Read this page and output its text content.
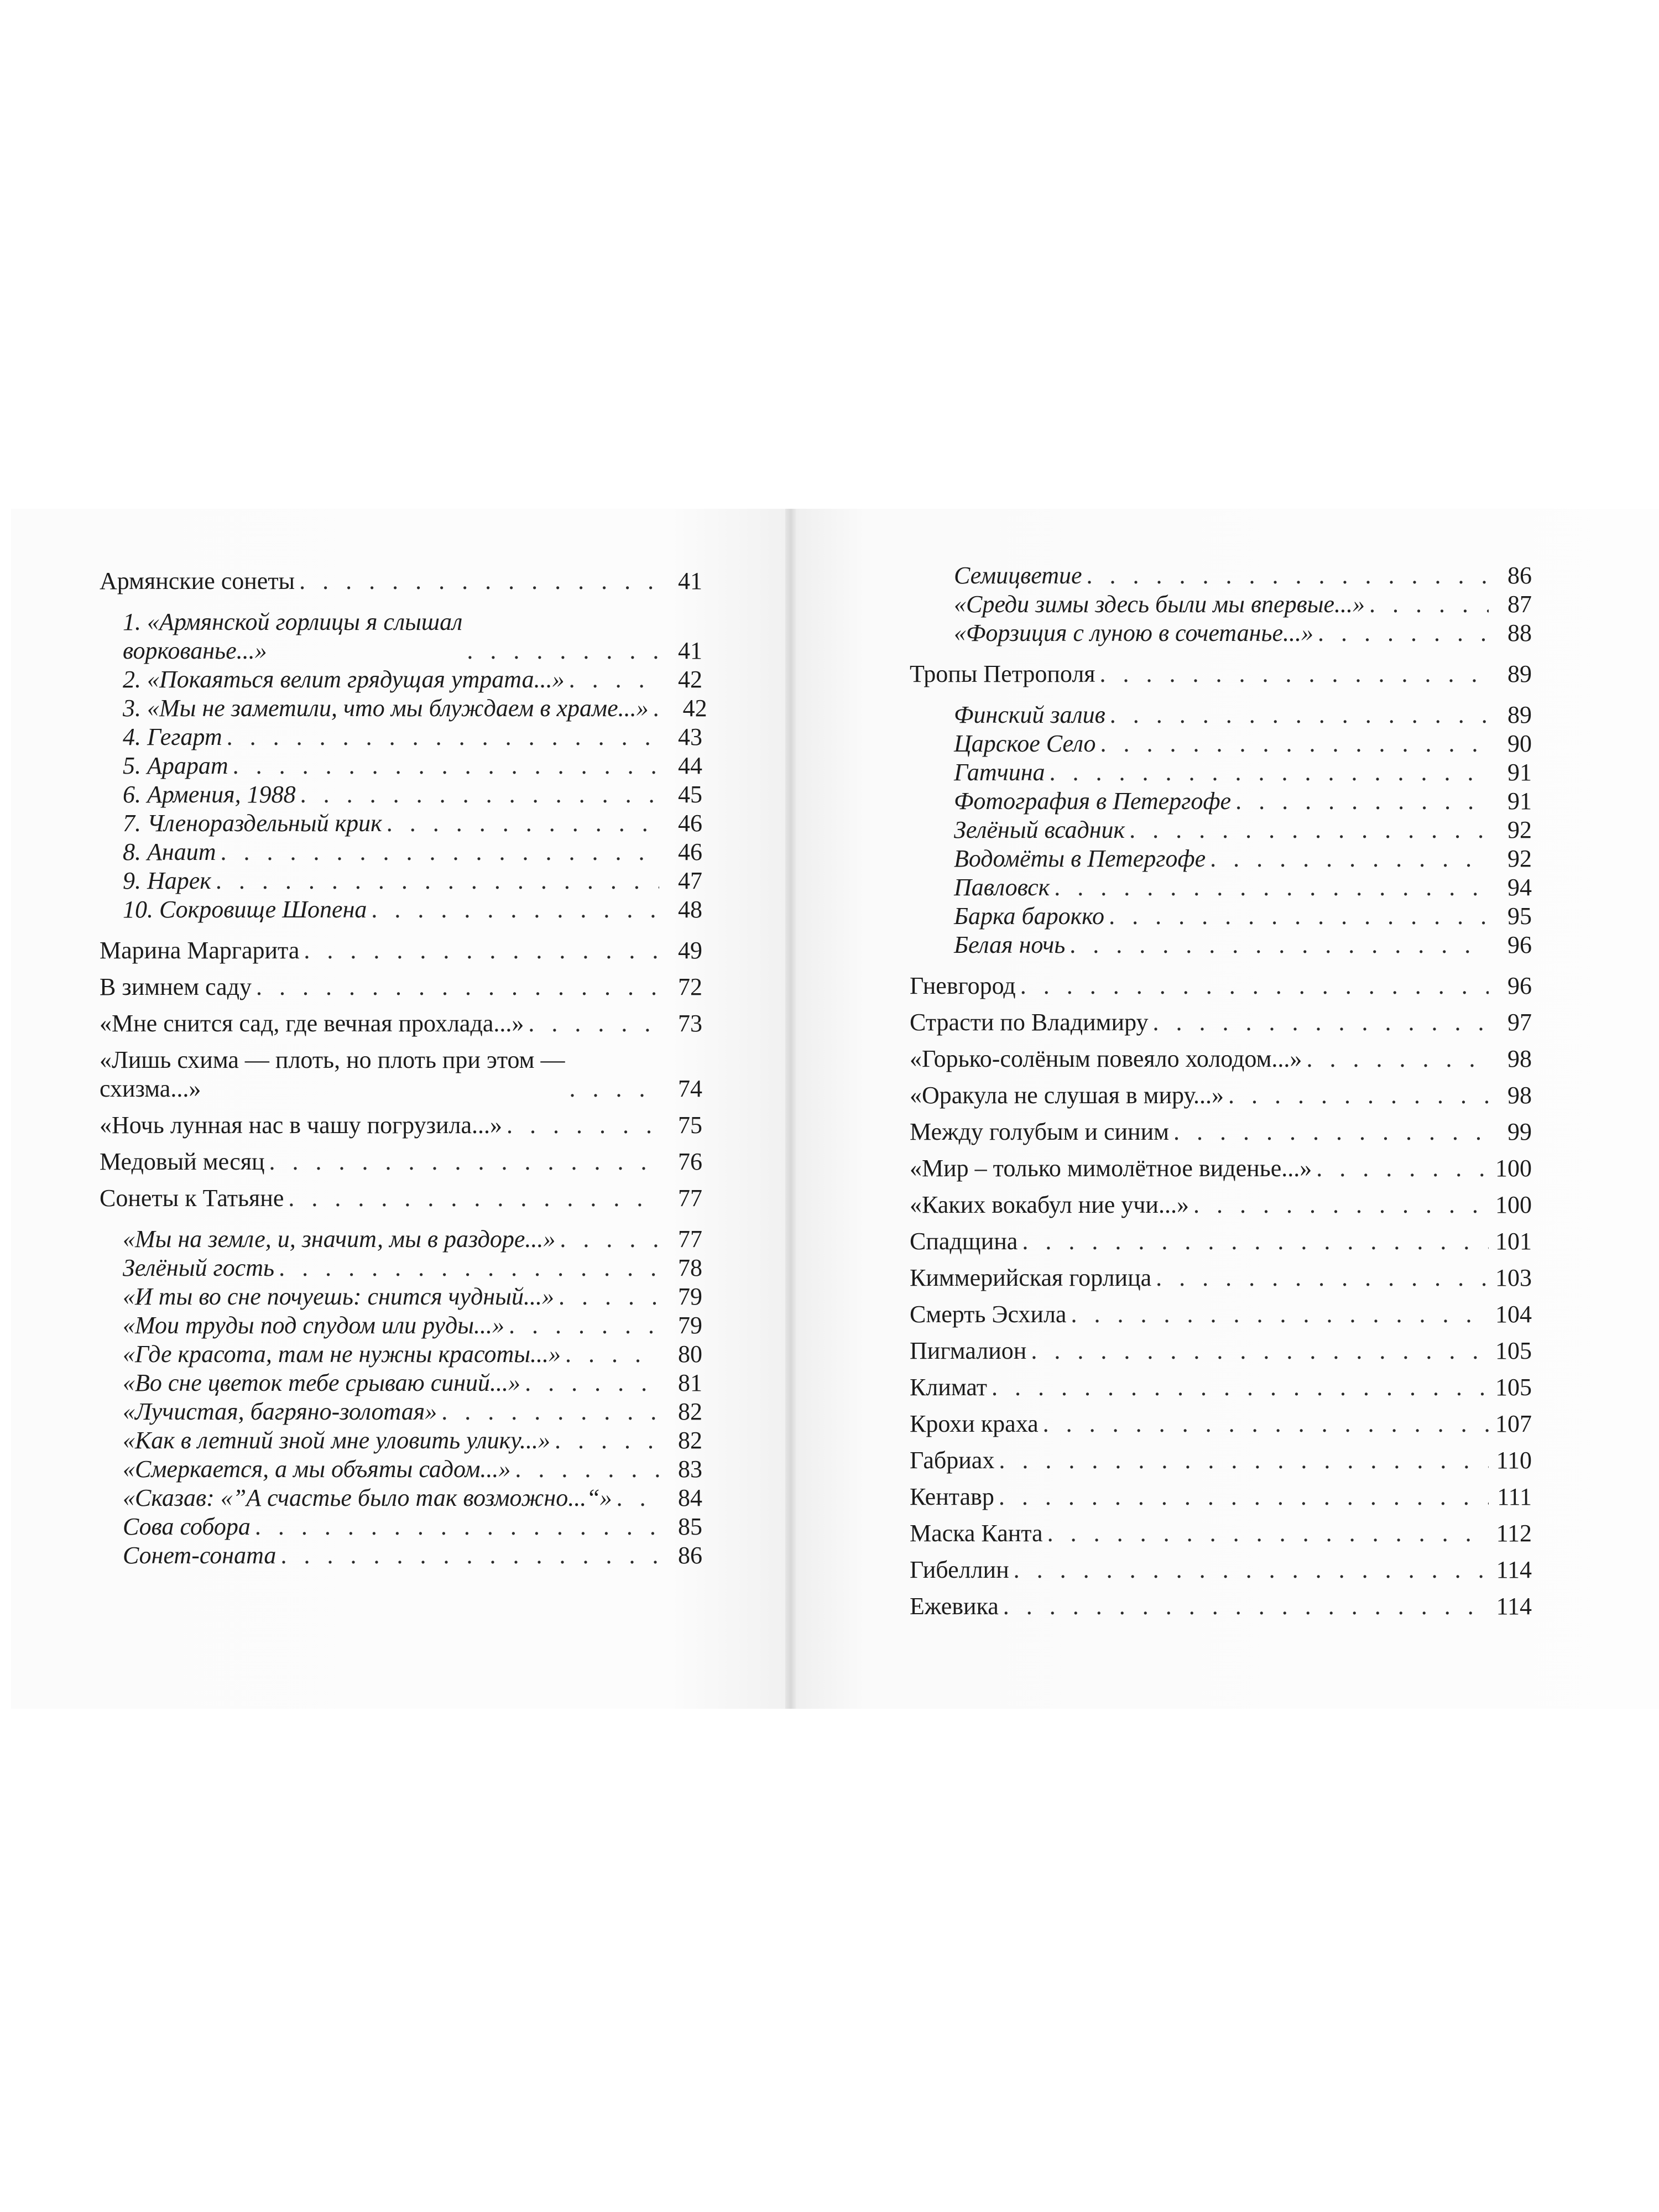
Армянские сонеты . . .	41
1. «Армянской горлицы я слышал
воркованье...» . . .	41
2. «Покаяться велит грядущая утрата...» . . .	42
3. «Мы не заметили, что мы блуждаем в храме...» . . .	42
4. Гегарт . . .	43
5. Арарат . . .	44
6. Армения, 1988 . . .	45
7. Членораздельный крик . . .	46
8. Анаит . . .	46
9. Нарек . . .	47
10. Сокровище Шопена . . .	48
Марина Маргарита . . .	49
В зимнем саду . . .	72
«Мне снится сад, где вечная прохлада...» . . .	73
«Лишь схима — плоть, но плоть при этом —
схизма...» . . .	74
«Ночь лунная нас в чашу погрузила...» . . .	75
Медовый месяц . . .	76
Сонеты к Татьяне . . .	77
«Мы на земле, и, значит, мы в раздоре...» . . .	77
Зелёный гость . . .	78
«И ты во сне почуешь: снится чудный...» . . .	79
«Мои труды под спудом или руды...» . . .	79
«Где красота, там не нужны красоты...» . . .	80
«Во сне цветок тебе срываю синий...» . . .	81
«Лучистая, багряно-золотая» . . .	82
«Как в летний зной мне уловить улику...» . . .	82
«Смеркается, а мы объяты садом...» . . .	83
«Сказав: «”А счастье было так возможно...“» . . .	84
Сова собора . . .	85
Сонет-соната . . .	86
Семицветие . . .	86
«Среди зимы здесь были мы впервые...» . . .	87
«Форзиция с луною в сочетанье...» . . .	88
Тропы Петрополя . . .	89
Финский залив . . .	89
Царское Село . . .	90
Гатчина . . .	91
Фотография в Петергофе . . .	91
Зелёный всадник . . .	92
Водомёты в Петергофе . . .	92
Павловск . . .	94
Барка барокко . . .	95
Белая ночь . . .	96
Гневгород . . .	96
Страсти по Владимиру . . .	97
«Горько-солёным повеяло холодом...» . . .	98
«Оракула не слушая в миру...» . . .	98
Между голубым и синим . . .	99
«Мир – только мимолётное виденье...» . . .	100
«Каких вокабул ние учи...» . . .	100
Спадщина . . .	101
Киммерийская горлица . . .	103
Смерть Эсхила . . .	104
Пигмалион . . .	105
Климат . . .	105
Крохи краха . . .	107
Габриах . . .	110
Кентавр . . .	111
Маска Канта . . .	112
Гибеллин . . .	114
Ежевика . . .	114
